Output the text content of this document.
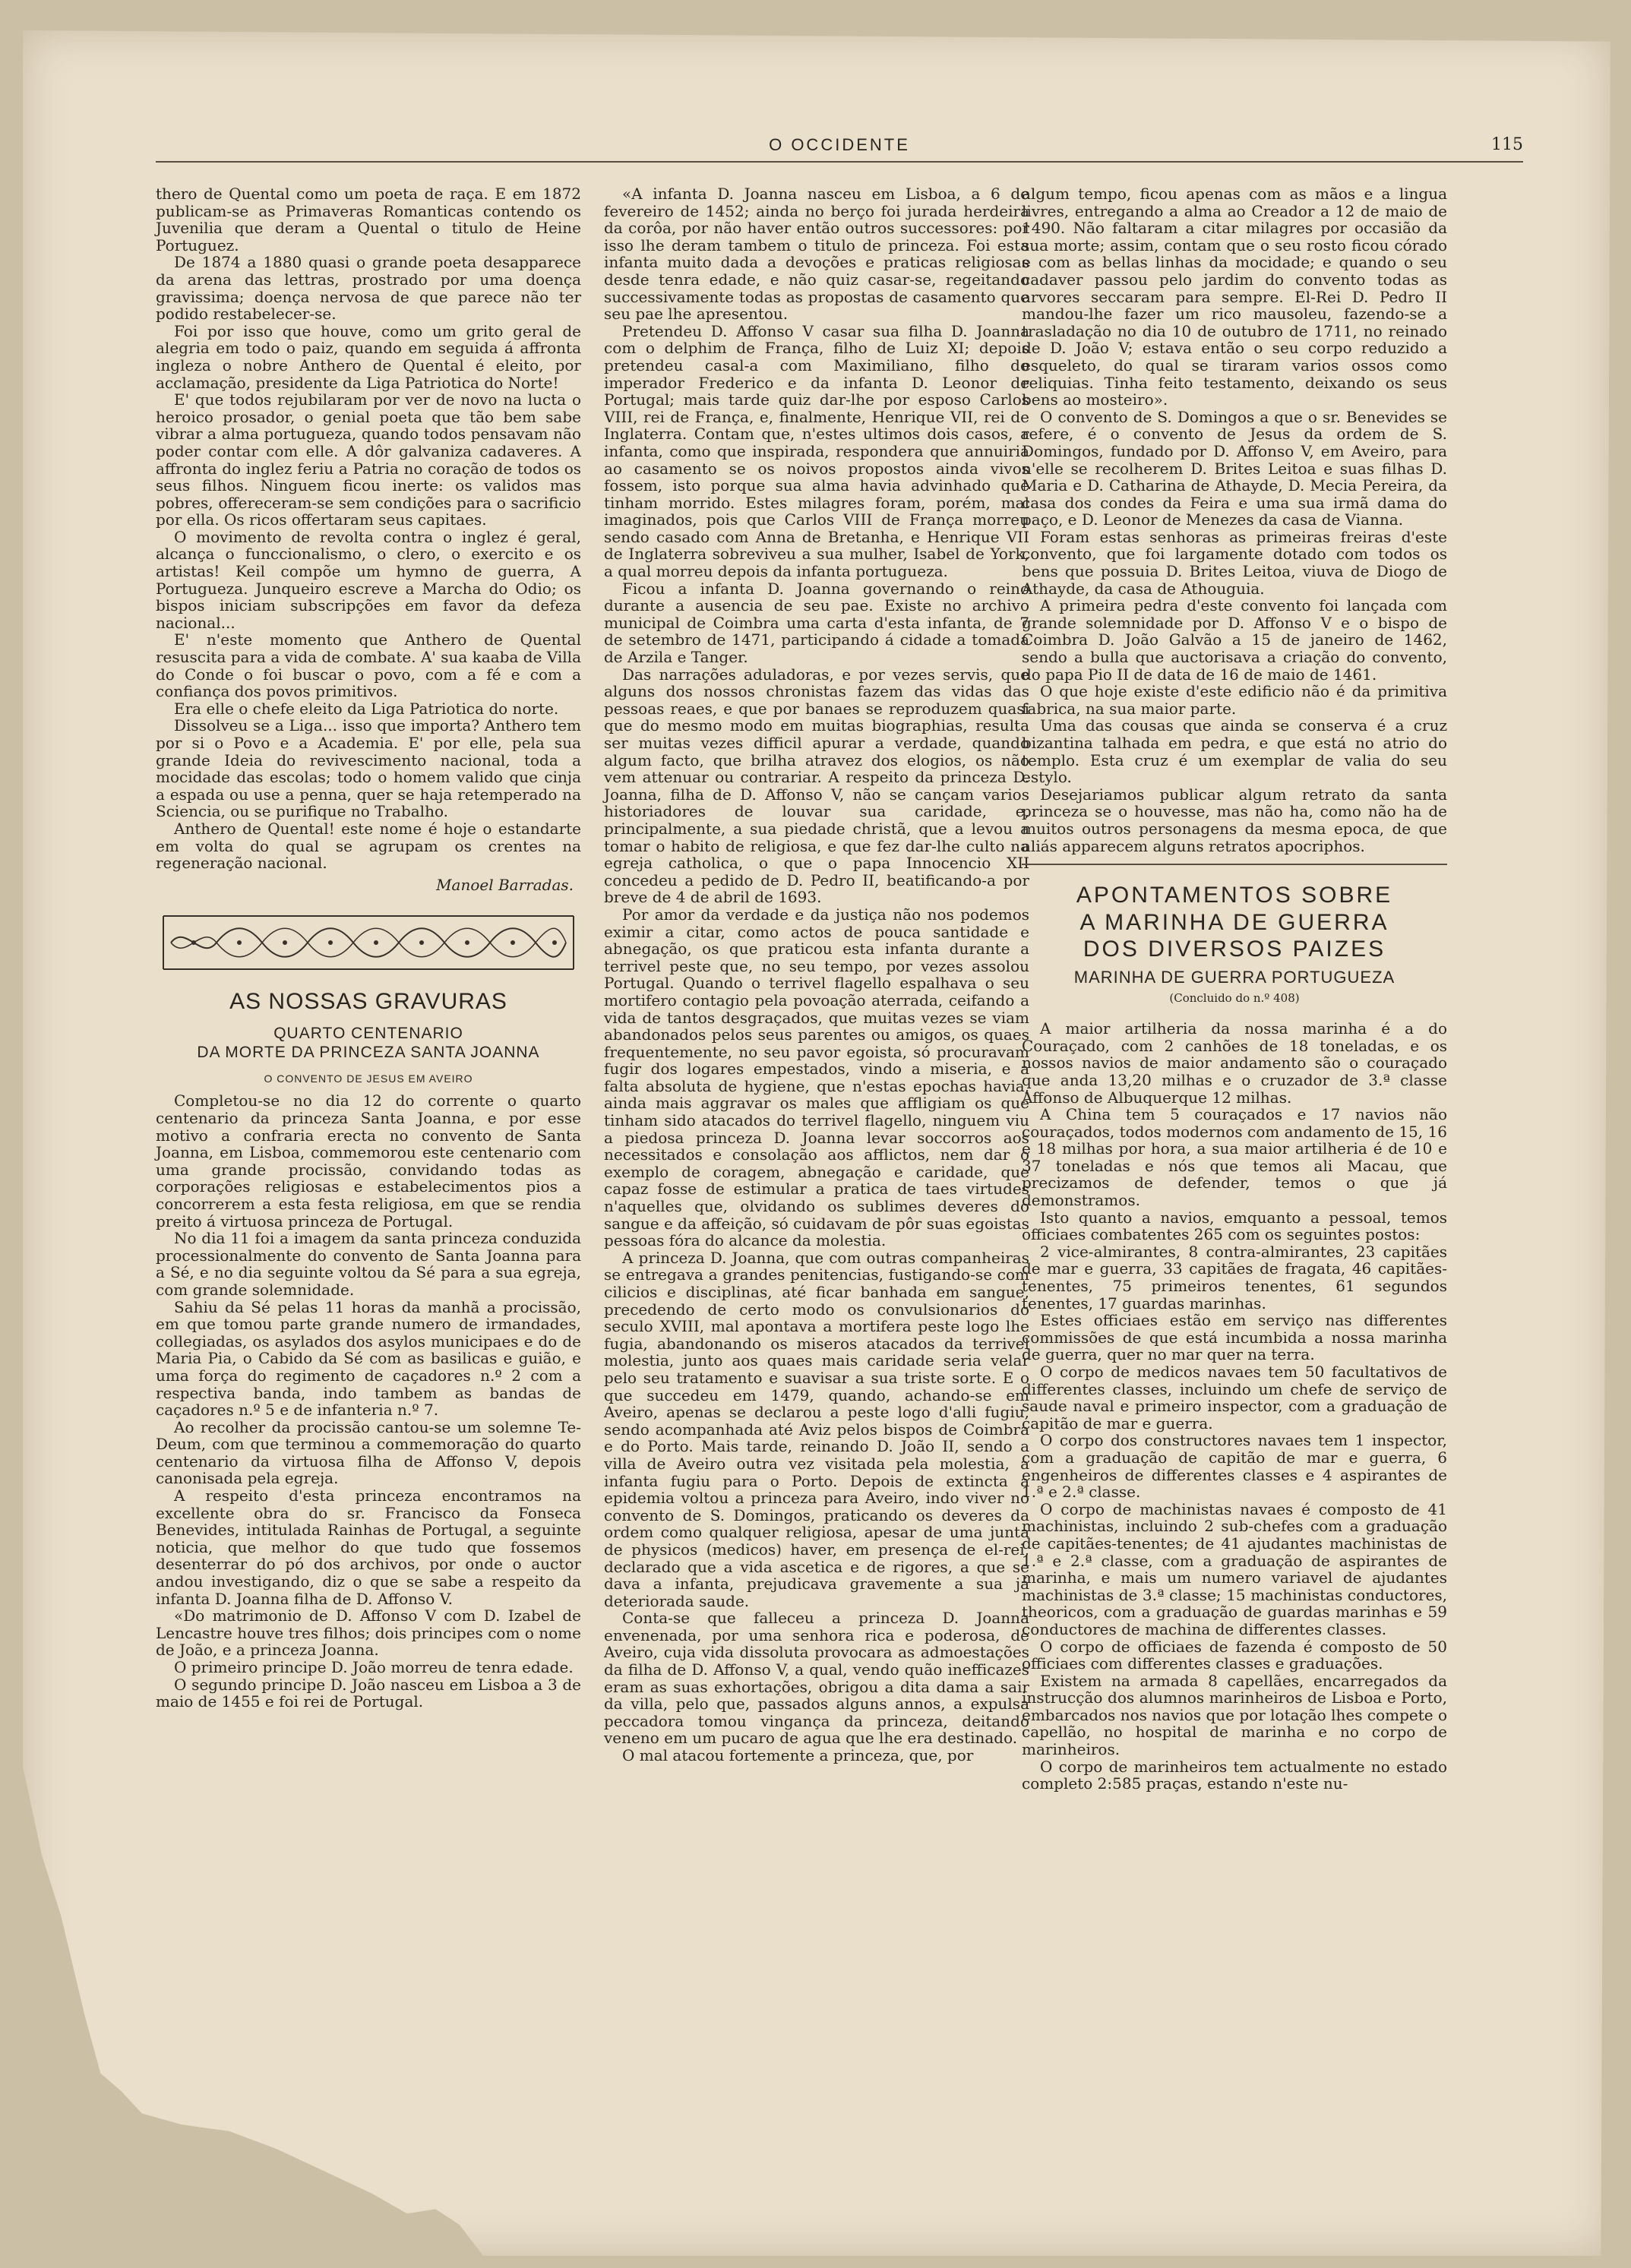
O OCCIDENTE	115

thero de Quental como um poeta de raça. E em 1872 publicam-se as Primaveras Romanticas contendo os Juvenilia que deram a Quental o titulo de Heine Portuguez.

De 1874 a 1880 quasi o grande poeta desapparece da arena das lettras, prostrado por uma doença gravissima; doença nervosa de que parece não ter podido restabelecer-se.

Foi por isso que houve, como um grito geral de alegria em todo o paiz, quando em seguida á affronta ingleza o nobre Anthero de Quental é eleito, por acclamação, presidente da Liga Patriotica do Norte!

E' que todos rejubilaram por ver de novo na lucta o heroico prosador, o genial poeta que tão bem sabe vibrar a alma portugueza, quando todos pensavam não poder contar com elle. A dôr galvaniza cadaveres. A affronta do inglez feriu a Patria no coração de todos os seus filhos. Ninguem ficou inerte: os validos mas pobres, offereceram-se sem condições para o sacrificio por ella. Os ricos offertaram seus capitaes.

O movimento de revolta contra o inglez é geral, alcança o funccionalismo, o clero, o exercito e os artistas! Keil compõe um hymno de guerra, A Portugueza. Junqueiro escreve a Marcha do Odio; os bispos iniciam subscripções em favor da defeza nacional...

E' n'este momento que Anthero de Quental resuscita para a vida de combate. A' sua kaaba de Villa do Conde o foi buscar o povo, com a fé e com a confiança dos povos primitivos.

Era elle o chefe eleito da Liga Patriotica do norte.

Dissolveu se a Liga... isso que importa? Anthero tem por si o Povo e a Academia. E' por elle, pela sua grande Ideia do revivescimento nacional, toda a mocidade das escolas; todo o homem valido que cinja a espada ou use a penna, quer se haja retemperado na Sciencia, ou se purifique no Trabalho.

Anthero de Quental! este nome é hoje o estandarte em volta do qual se agrupam os crentes na regeneração nacional.

Manoel Barradas.
AS NOSSAS GRAVURAS
QUARTO CENTENARIO
DA MORTE DA PRINCEZA SANTA JOANNA
O CONVENTO DE JESUS EM AVEIRO

Completou-se no dia 12 do corrente o quarto centenario da princeza Santa Joanna, e por esse motivo a confraria erecta no convento de Santa Joanna, em Lisboa, commemorou este centenario com uma grande procissão, convidando todas as corporações religiosas e estabelecimentos pios a concorrerem a esta festa religiosa, em que se rendia preito á virtuosa princeza de Portugal.

No dia 11 foi a imagem da santa princeza conduzida processionalmente do convento de Santa Joanna para a Sé, e no dia seguinte voltou da Sé para a sua egreja, com grande solemnidade.

Sahiu da Sé pelas 11 horas da manhã a procissão, em que tomou parte grande numero de irmandades, collegiadas, os asylados dos asylos municipaes e do de Maria Pia, o Cabido da Sé com as basilicas e guião, e uma força do regimento de caçadores n.º 2 com a respectiva banda, indo tambem as bandas de caçadores n.º 5 e de infanteria n.º 7.

Ao recolher da procissão cantou-se um solemne Te-Deum, com que terminou a commemoração do quarto centenario da virtuosa filha de Affonso V, depois canonisada pela egreja.

A respeito d'esta princeza encontramos na excellente obra do sr. Francisco da Fonseca Benevides, intitulada Rainhas de Portugal, a seguinte noticia, que melhor do que tudo que fossemos desenterrar do pó dos archivos, por onde o auctor andou investigando, diz o que se sabe a respeito da infanta D. Joanna filha de D. Affonso V.

«Do matrimonio de D. Affonso V com D. Izabel de Lencastre houve tres filhos; dois principes com o nome de João, e a princeza Joanna.

O primeiro principe D. João morreu de tenra edade.

O segundo principe D. João nasceu em Lisboa a 3 de maio de 1455 e foi rei de Portugal.

«A infanta D. Joanna nasceu em Lisboa, a 6 de fevereiro de 1452; ainda no berço foi jurada herdeira da corôa, por não haver então outros successores: por isso lhe deram tambem o titulo de princeza. Foi esta infanta muito dada a devoções e praticas religiosas desde tenra edade, e não quiz casar-se, regeitando successivamente todas as propostas de casamento que seu pae lhe apresentou.

Pretendeu D. Affonso V casar sua filha D. Joanna com o delphim de França, filho de Luiz XI; depois pretendeu casal-a com Maximiliano, filho do imperador Frederico e da infanta D. Leonor de Portugal; mais tarde quiz dar-lhe por esposo Carlos VIII, rei de França, e, finalmente, Henrique VII, rei de Inglaterra. Contam que, n'estes ultimos dois casos, a infanta, como que inspirada, respondera que annuiria ao casamento se os noivos propostos ainda vivos fossem, isto porque sua alma havia advinhado que tinham morrido. Estes milagres foram, porém, mal imaginados, pois que Carlos VIII de França morreu sendo casado com Anna de Bretanha, e Henrique VII de Inglaterra sobreviveu a sua mulher, Isabel de York, a qual morreu depois da infanta portugueza.

Ficou a infanta D. Joanna governando o reino durante a ausencia de seu pae. Existe no archivo municipal de Coimbra uma carta d'esta infanta, de 7 de setembro de 1471, participando á cidade a tomada de Arzila e Tanger.

Das narrações aduladoras, e por vezes servis, que alguns dos nossos chronistas fazem das vidas das pessoas reaes, e que por banaes se reproduzem quasi que do mesmo modo em muitas biographias, resulta ser muitas vezes difficil apurar a verdade, quando algum facto, que brilha atravez dos elogios, os não vem attenuar ou contrariar. A respeito da princeza D. Joanna, filha de D. Affonso V, não se cançam varios historiadores de louvar sua caridade, e, principalmente, a sua piedade christã, que a levou a tomar o habito de religiosa, e que fez dar-lhe culto na egreja catholica, o que o papa Innocencio XII concedeu a pedido de D. Pedro II, beatificando-a por breve de 4 de abril de 1693.

Por amor da verdade e da justiça não nos podemos eximir a citar, como actos de pouca santidade e abnegação, os que praticou esta infanta durante a terrivel peste que, no seu tempo, por vezes assolou Portugal. Quando o terrivel flagello espalhava o seu mortifero contagio pela povoação aterrada, ceifando a vida de tantos desgraçados, que muitas vezes se viam abandonados pelos seus parentes ou amigos, os quaes frequentemente, no seu pavor egoista, só procuravam fugir dos logares empestados, vindo a miseria, e a falta absoluta de hygiene, que n'estas epochas havia, ainda mais aggravar os males que affligiam os que tinham sido atacados do terrivel flagello, ninguem viu a piedosa princeza D. Joanna levar soccorros aos necessitados e consolação aos afflictos, nem dar o exemplo de coragem, abnegação e caridade, que capaz fosse de estimular a pratica de taes virtudes n'aquelles que, olvidando os sublimes deveres do sangue e da affeição, só cuidavam de pôr suas egoistas pessoas fóra do alcance da molestia.

A princeza D. Joanna, que com outras companheiras se entregava a grandes penitencias, fustigando-se com cilicios e disciplinas, até ficar banhada em sangue, precedendo de certo modo os convulsionarios do seculo XVIII, mal apontava a mortifera peste logo lhe fugia, abandonando os miseros atacados da terrivel molestia, junto aos quaes mais caridade seria velar pelo seu tratamento e suavisar a sua triste sorte. E o que succedeu em 1479, quando, achando-se em Aveiro, apenas se declarou a peste logo d'alli fugiu, sendo acompanhada até Aviz pelos bispos de Coimbra e do Porto. Mais tarde, reinando D. João II, sendo a villa de Aveiro outra vez visitada pela molestia, a infanta fugiu para o Porto. Depois de extincta a epidemia voltou a princeza para Aveiro, indo viver no convento de S. Domingos, praticando os deveres da ordem como qualquer religiosa, apesar de uma junta de physicos (medicos) haver, em presença de el-rei, declarado que a vida ascetica e de rigores, a que se dava a infanta, prejudicava gravemente a sua já deteriorada saude.

Conta-se que falleceu a princeza D. Joanna envenenada, por uma senhora rica e poderosa, de Aveiro, cuja vida dissoluta provocara as admoestações da filha de D. Affonso V, a qual, vendo quão inefficazes eram as suas exhortações, obrigou a dita dama a sair da villa, pelo que, passados alguns annos, a expulsa peccadora tomou vingança da princeza, deitando veneno em um pucaro de agua que lhe era destinado.

O mal atacou fortemente a princeza, que, por

algum tempo, ficou apenas com as mãos e a lingua livres, entregando a alma ao Creador a 12 de maio de 1490. Não faltaram a citar milagres por occasião da sua morte; assim, contam que o seu rosto ficou córado e com as bellas linhas da mocidade; e quando o seu cadaver passou pelo jardim do convento todas as arvores seccaram para sempre. El-Rei D. Pedro II mandou-lhe fazer um rico mausoleu, fazendo-se a trasladação no dia 10 de outubro de 1711, no reinado de D. João V; estava então o seu corpo reduzido a esqueleto, do qual se tiraram varios ossos como reliquias. Tinha feito testamento, deixando os seus bens ao mosteiro».

O convento de S. Domingos a que o sr. Benevides se refere, é o convento de Jesus da ordem de S. Domingos, fundado por D. Affonso V, em Aveiro, para n'elle se recolherem D. Brites Leitoa e suas filhas D. Maria e D. Catharina de Athayde, D. Mecia Pereira, da casa dos condes da Feira e uma sua irmã dama do paço, e D. Leonor de Menezes da casa de Vianna.

Foram estas senhoras as primeiras freiras d'este convento, que foi largamente dotado com todos os bens que possuia D. Brites Leitoa, viuva de Diogo de Athayde, da casa de Athouguia.

A primeira pedra d'este convento foi lançada com grande solemnidade por D. Affonso V e o bispo de Coimbra D. João Galvão a 15 de janeiro de 1462, sendo a bulla que auctorisava a criação do convento, do papa Pio II de data de 16 de maio de 1461.

O que hoje existe d'este edificio não é da primitiva fabrica, na sua maior parte.

Uma das cousas que ainda se conserva é a cruz bizantina talhada em pedra, e que está no atrio do templo. Esta cruz é um exemplar de valia do seu estylo.

Desejariamos publicar algum retrato da santa princeza se o houvesse, mas não ha, como não ha de muitos outros personagens da mesma epoca, de que aliás apparecem alguns retratos apocriphos.

APONTAMENTOS SOBRE
A MARINHA DE GUERRA
DOS DIVERSOS PAIZES
MARINHA DE GUERRA PORTUGUEZA
(Concluido do n.º 408)

A maior artilheria da nossa marinha é a do Couraçado, com 2 canhões de 18 toneladas, e os nossos navios de maior andamento são o couraçado que anda 13,20 milhas e o cruzador de 3.ª classe Affonso de Albuquerque 12 milhas.

A China tem 5 couraçados e 17 navios não couraçados, todos modernos com andamento de 15, 16 e 18 milhas por hora, a sua maior artilheria é de 10 e 37 toneladas e nós que temos ali Macau, que precizamos de defender, temos o que já demonstramos.

Isto quanto a navios, emquanto a pessoal, temos officiaes combatentes 265 com os seguintes postos:

2 vice-almirantes, 8 contra-almirantes, 23 capitães de mar e guerra, 33 capitães de fragata, 46 capitães-tenentes, 75 primeiros tenentes, 61 segundos tenentes, 17 guardas marinhas.

Estes officiaes estão em serviço nas differentes commissões de que está incumbida a nossa marinha de guerra, quer no mar quer na terra.

O corpo de medicos navaes tem 50 facultativos de differentes classes, incluindo um chefe de serviço de saude naval e primeiro inspector, com a graduação de capitão de mar e guerra.

O corpo dos constructores navaes tem 1 inspector, com a graduação de capitão de mar e guerra, 6 engenheiros de differentes classes e 4 aspirantes de 1.ª e 2.ª classe.

O corpo de machinistas navaes é composto de 41 machinistas, incluindo 2 sub-chefes com a graduação de capitães-tenentes; de 41 ajudantes machinistas de 1.ª e 2.ª classe, com a graduação de aspirantes de marinha, e mais um numero variavel de ajudantes machinistas de 3.ª classe; 15 machinistas conductores, theoricos, com a graduação de guardas marinhas e 59 conductores de machina de differentes classes.

O corpo de officiaes de fazenda é composto de 50 officiaes com differentes classes e graduações.

Existem na armada 8 capellães, encarregados da instrucção dos alumnos marinheiros de Lisboa e Porto, embarcados nos navios que por lotação lhes compete o capellão, no hospital de marinha e no corpo de marinheiros.

O corpo de marinheiros tem actualmente no estado completo 2:585 praças, estando n'este nu-
